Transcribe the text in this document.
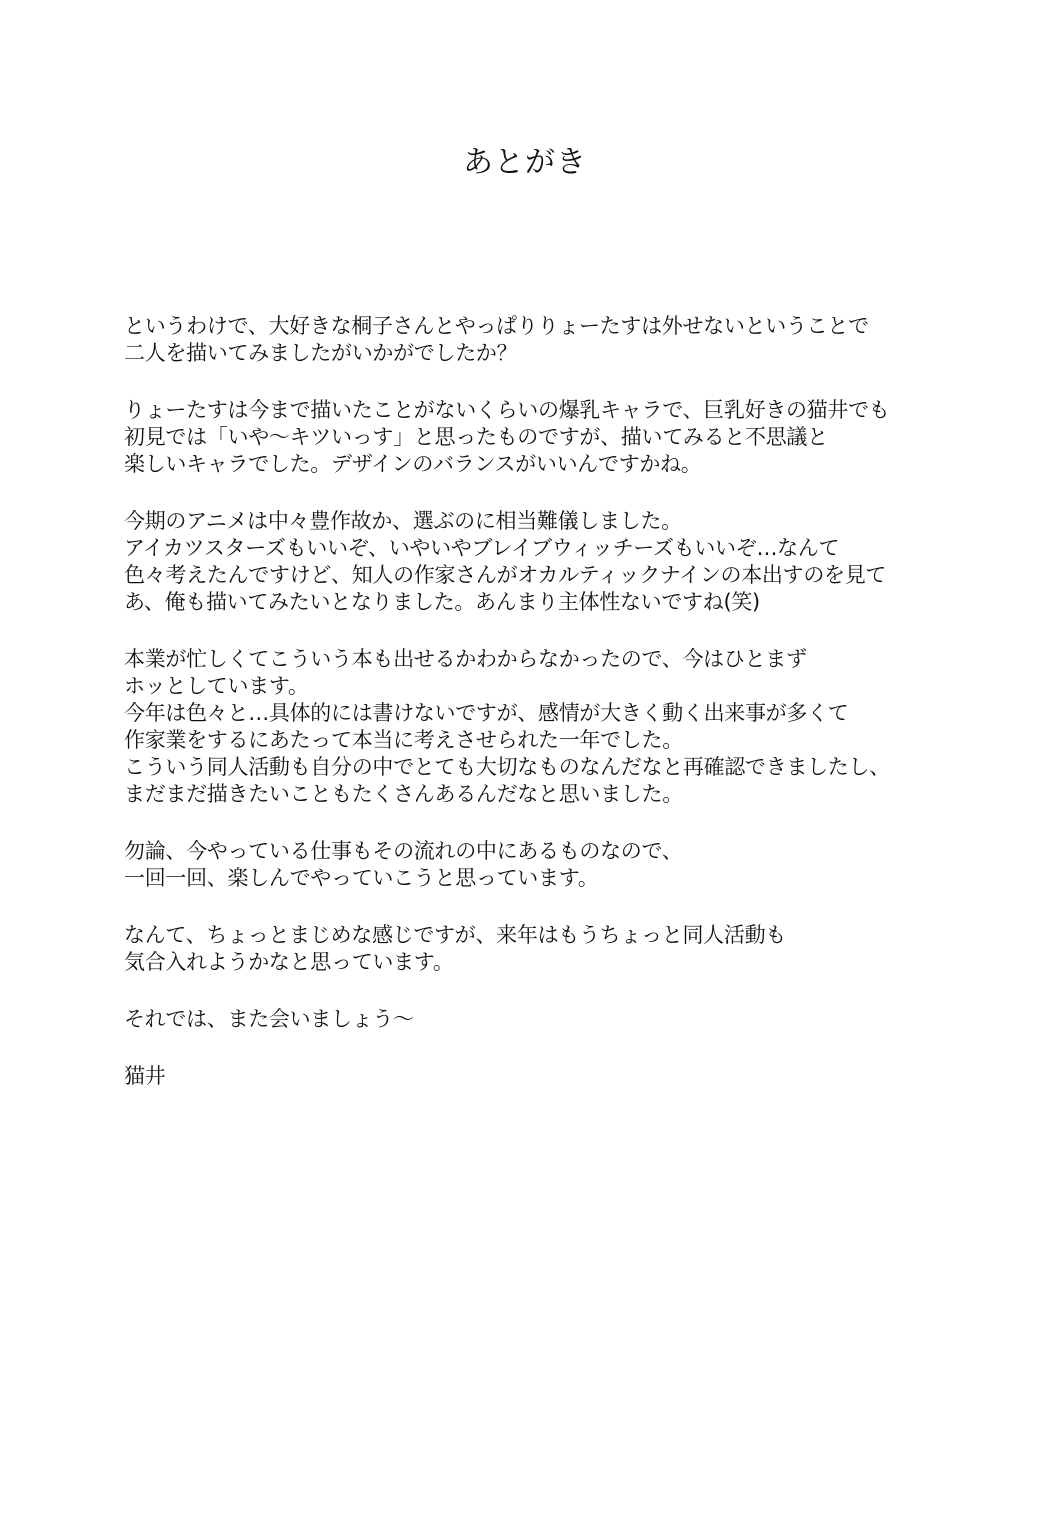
あとがき

というわけで、大好きな桐子さんとやっぱりりょーたすは外せないということで
二人を描いてみましたがいかがでしたか？

りょーたすは今まで描いたことがないくらいの爆乳キャラで、巨乳好きの猫井でも
初見では「いや～キツいっす」と思ったものですが、描いてみると不思議と
楽しいキャラでした。デザインのバランスがいいんですかね。

今期のアニメは中々豊作故か、選ぶのに相当難儀しました。
アイカツスターズもいいぞ、いやいやブレイブウィッチーズもいいぞ…なんて
色々考えたんですけど、知人の作家さんがオカルティックナインの本出すのを見て
あ、俺も描いてみたいとなりました。あんまり主体性ないですね(笑)

本業が忙しくてこういう本も出せるかわからなかったので、今はひとまず
ホッとしています。
今年は色々と…具体的には書けないですが、感情が大きく動く出来事が多くて
作家業をするにあたって本当に考えさせられた一年でした。
こういう同人活動も自分の中でとても大切なものなんだなと再確認できましたし、
まだまだ描きたいこともたくさんあるんだなと思いました。

勿論、今やっている仕事もその流れの中にあるものなので、
一回一回、楽しんでやっていこうと思っています。

なんて、ちょっとまじめな感じですが、来年はもうちょっと同人活動も
気合入れようかなと思っています。

それでは、また会いましょう～

猫井
